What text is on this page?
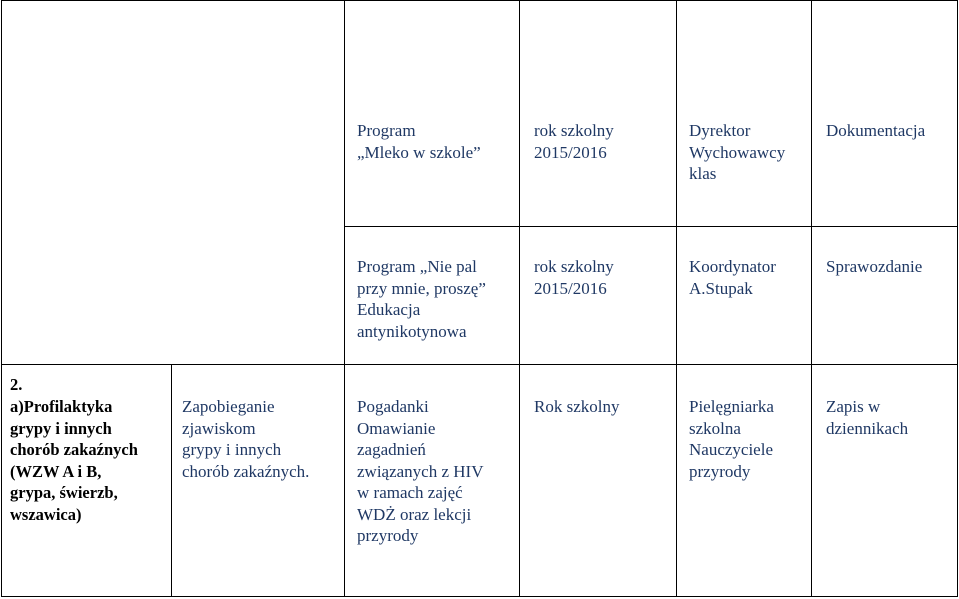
Program
„Mleko w szkole”
rok szkolny
2015/2016
Dyrektor
Wychowawcy
klas
Dokumentacja
Program „Nie pal
przy mnie, proszę”
Edukacja
antynikotynowa
rok szkolny
2015/2016
Koordynator
A.Stupak
Sprawozdanie
2.
a)Profilaktyka
grypy i innych
chorób zakaźnych
(WZW A i B,
grypa, świerzb,
wszawica)
Zapobieganie
zjawiskom
grypy i innych
chorób zakaźnych.
Pogadanki
Omawianie
zagadnień
związanych z HIV
w ramach zajęć
WDŻ oraz lekcji
przyrody
Rok szkolny	Pielęgniarka
szkolna
Nauczyciele
przyrody
Zapis w
dziennikach
